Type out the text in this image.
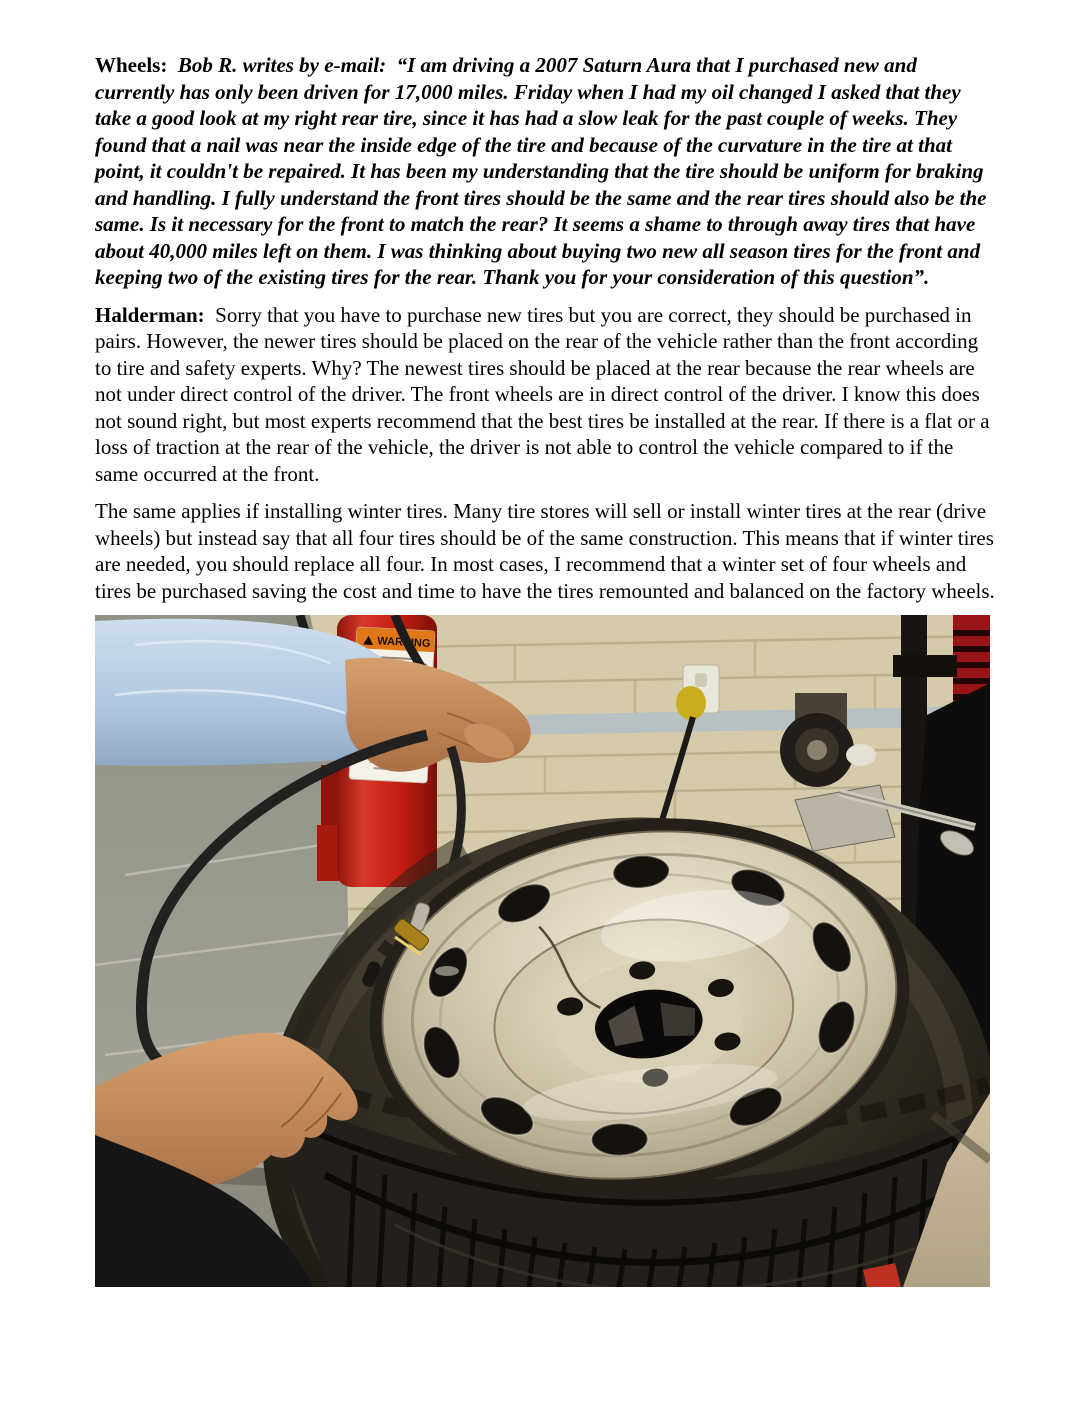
Wheels:  Bob R. writes by e-mail:  “I am driving a 2007 Saturn Aura that I purchased new and currently has only been driven for 17,000 miles. Friday when I had my oil changed I asked that they take a good look at my right rear tire, since it has had a slow leak for the past couple of weeks. They found that a nail was near the inside edge of the tire and because of the curvature in the tire at that point, it couldn't be repaired. It has been my understanding that the tire should be uniform for braking and handling. I fully understand the front tires should be the same and the rear tires should also be the same. Is it necessary for the front to match the rear? It seems a shame to through away tires that have about 40,000 miles left on them. I was thinking about buying two new all season tires for the front and keeping two of the existing tires for the rear. Thank you for your consideration of this question”.

Halderman:  Sorry that you have to purchase new tires but you are correct, they should be purchased in pairs. However, the newer tires should be placed on the rear of the vehicle rather than the front according to tire and safety experts. Why? The newest tires should be placed at the rear because the rear wheels are not under direct control of the driver. The front wheels are in direct control of the driver. I know this does not sound right, but most experts recommend that the best tires be installed at the rear. If there is a flat or a loss of traction at the rear of the vehicle, the driver is not able to control the vehicle compared to if the same occurred at the front.

The same applies if installing winter tires. Many tire stores will sell or install winter tires at the rear (drive wheels) but instead say that all four tires should be of the same construction. This means that if winter tires are needed, you should replace all four. In most cases, I recommend that a winter set of four wheels and tires be purchased saving the cost and time to have the tires remounted and balanced on the factory wheels.

WARNING
